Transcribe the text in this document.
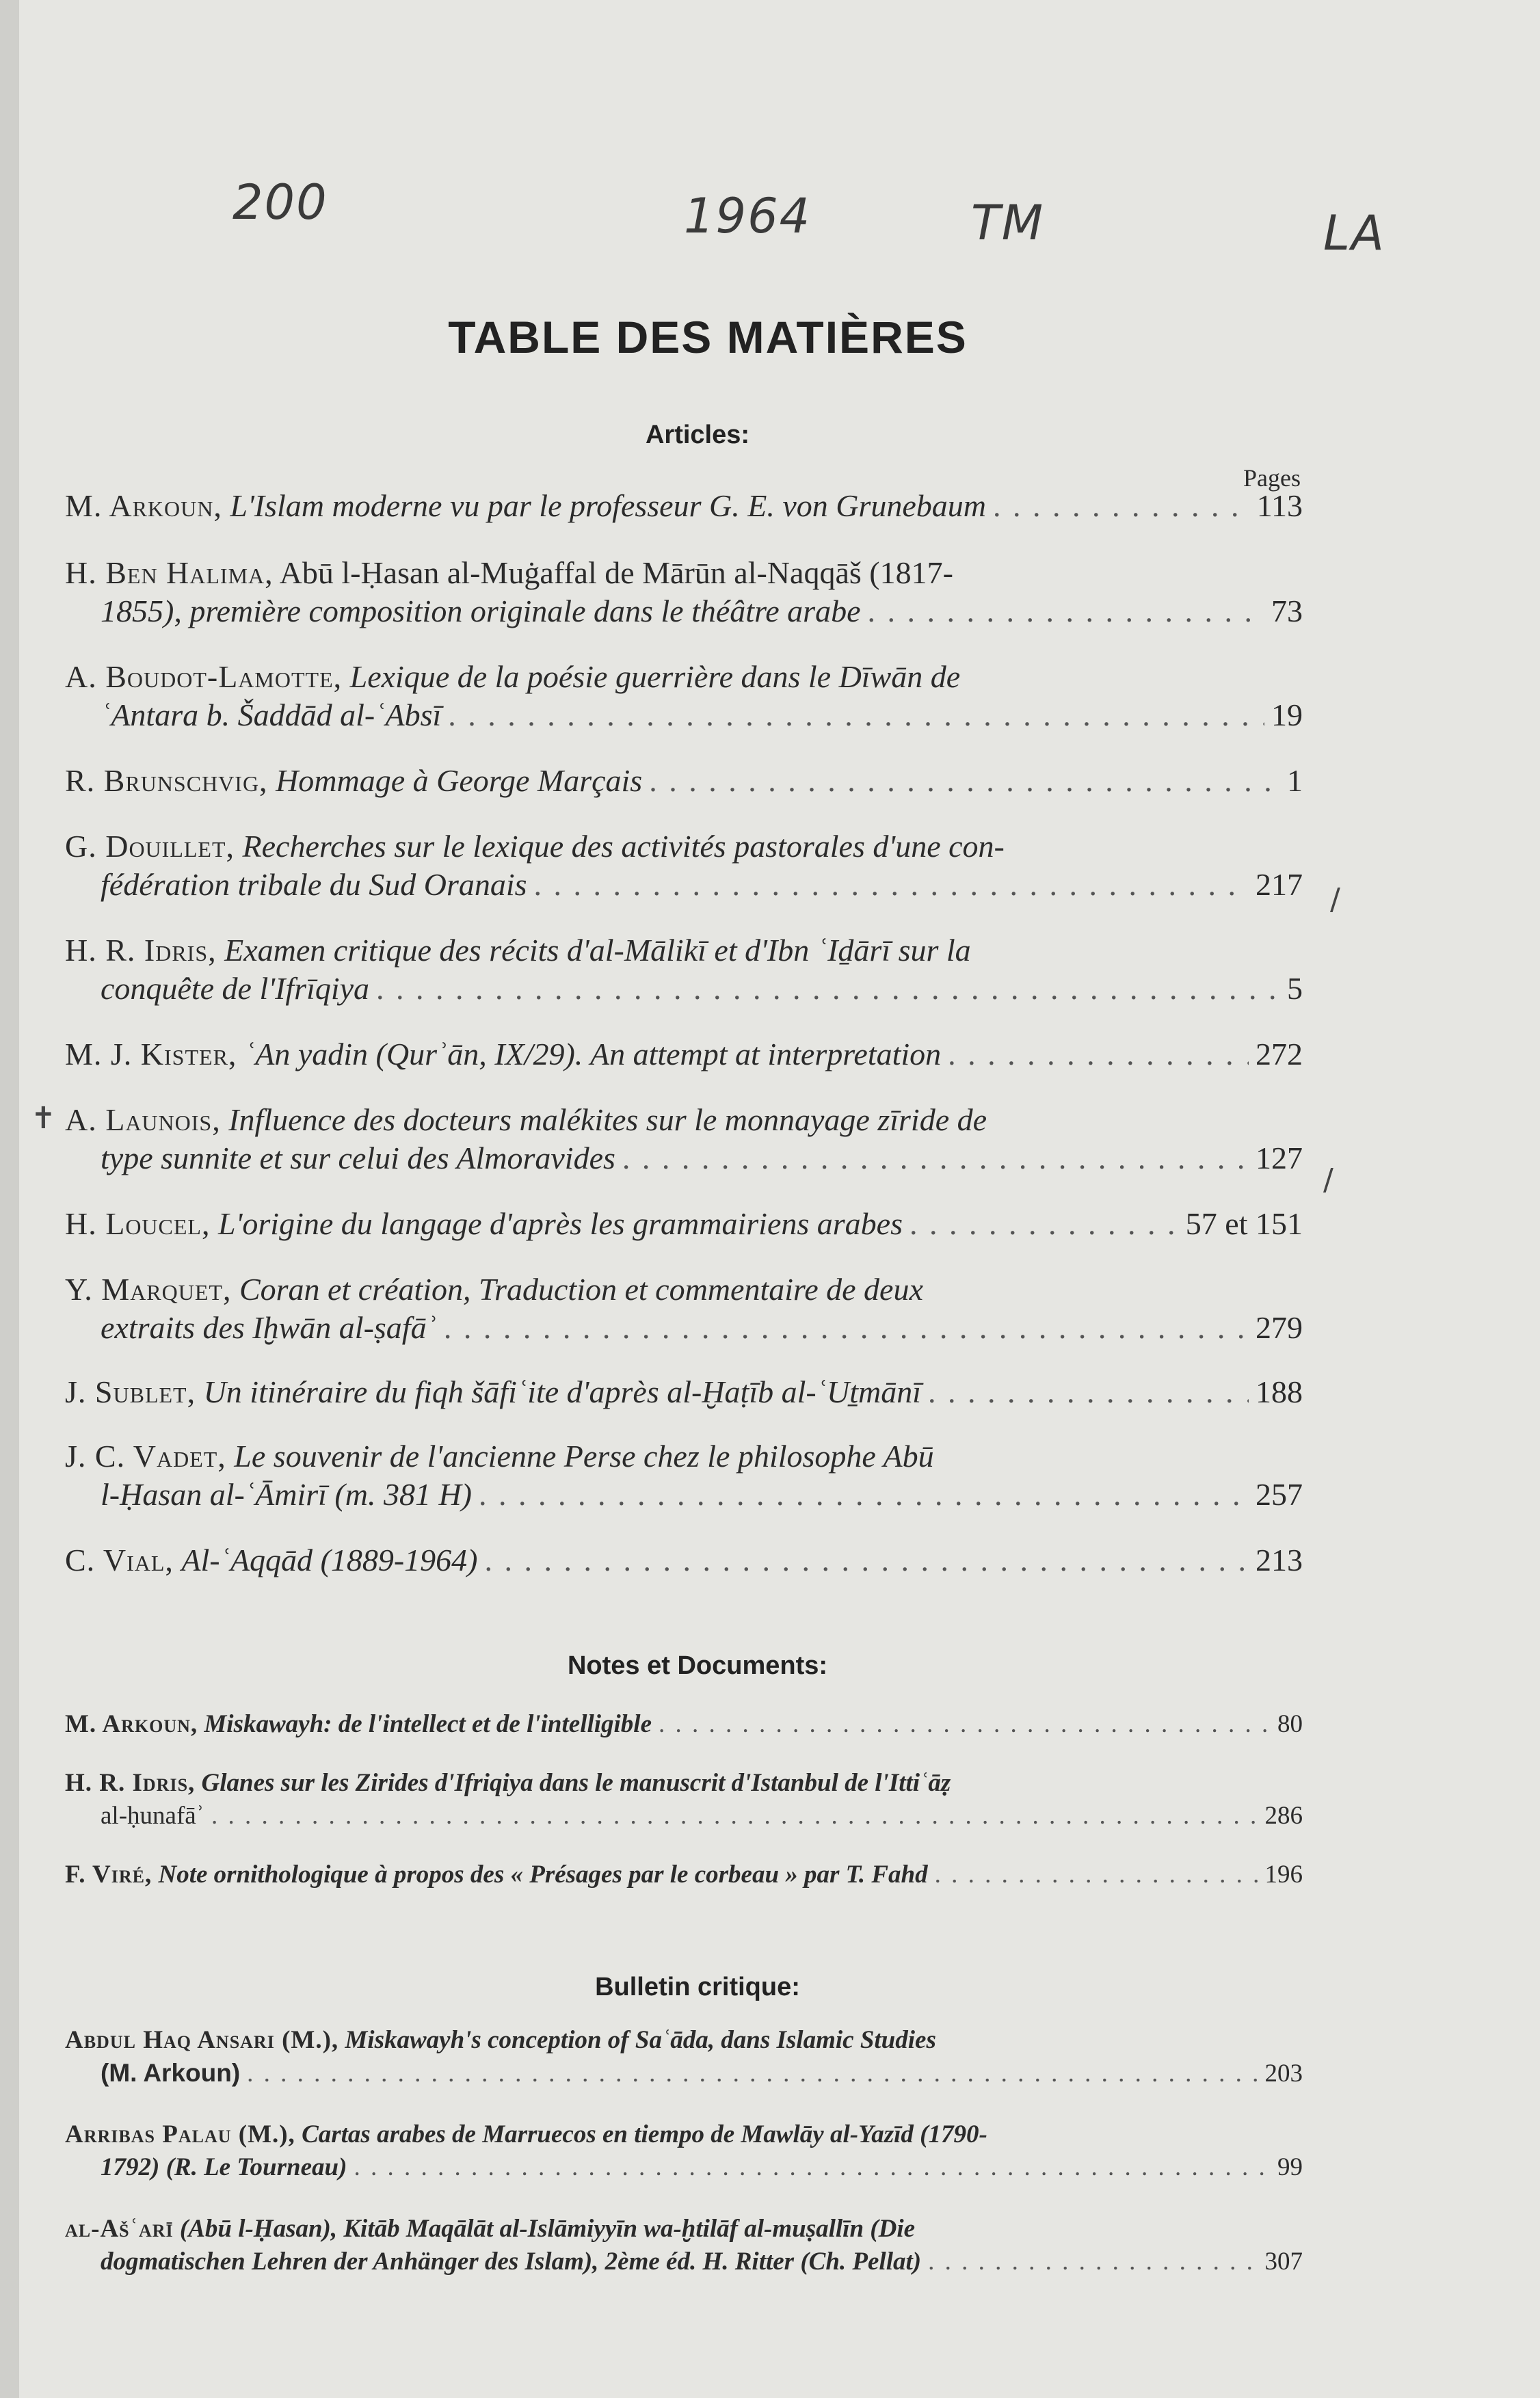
200	1964	TM	LA
TABLE DES MATIÈRES
Articles:
Pages
M. Arkoun, L'Islam moderne vu par le professeur G. E. von Grunebaum . . .	113
H. Ben Halima, Abū l-Ḥasan al-Muġaffal de Mārūn al-Naqqāš (1817-
1855), première composition originale dans le théâtre arabe . . .	73
A. Boudot-Lamotte, Lexique de la poésie guerrière dans le Dīwān de
ʿAntara b. Šaddād al-ʿAbsī . . .	19
R. Brunschvig, Hommage à George Marçais . . .	1
G. Douillet, Recherches sur le lexique des activités pastorales d'une con-
fédération tribale du Sud Oranais . . .	217 /
H. R. Idris, Examen critique des récits d'al-Mālikī et d'Ibn ʿIḏārī sur la
conquête de l'Ifrīqiya . . .	5
M. J. Kister, ʿAn yadin (Qurʾān, IX/29). An attempt at interpretation . . .	272
A. Launois, Influence des docteurs malékites sur le monnayage zīride de
type sunnite et sur celui des Almoravides . . .	127
✝
/
H. Loucel, L'origine du langage d'après les grammairiens arabes . . .	57 et 151
Y. Marquet, Coran et création, Traduction et commentaire de deux
extraits des Iḫwān al-ṣafāʾ . . .	279
J. Sublet, Un itinéraire du fiqh šāfiʿite d'après al-Ḫaṭīb al-ʿUṯmānī . . .	188
J. C. Vadet, Le souvenir de l'ancienne Perse chez le philosophe Abū
l-Ḥasan al-ʿĀmirī (m. 381 H) . . .	257
C. Vial, Al-ʿAqqād (1889-1964) . . .	213
Notes et Documents:
M. Arkoun, Miskawayh: de l'intellect et de l'intelligible . . .	80
H. R. Idris, Glanes sur les Zirides d'Ifriqiya dans le manuscrit d'Istanbul de l'Ittiʿāẓ
al-ḥunafāʾ . . .	286
F. Viré, Note ornithologique à propos des « Présages par le corbeau » par T. Fahd . . .	196
Bulletin critique:
Abdul Haq Ansari (M.), Miskawayh's conception of Saʿāda, dans Islamic Studies
(M. Arkoun) . . .	203
Arribas Palau (M.), Cartas arabes de Marruecos en tiempo de Mawlāy al-Yazīd (1790-
1792) (R. Le Tourneau) . . .	99
al-Ašʿarī (Abū l-Ḥasan), Kitāb Maqālāt al-Islāmiyyīn wa-ḫtilāf al-muṣallīn (Die
dogmatischen Lehren der Anhänger des Islam), 2ème éd. H. Ritter (Ch. Pellat) . . .	307
